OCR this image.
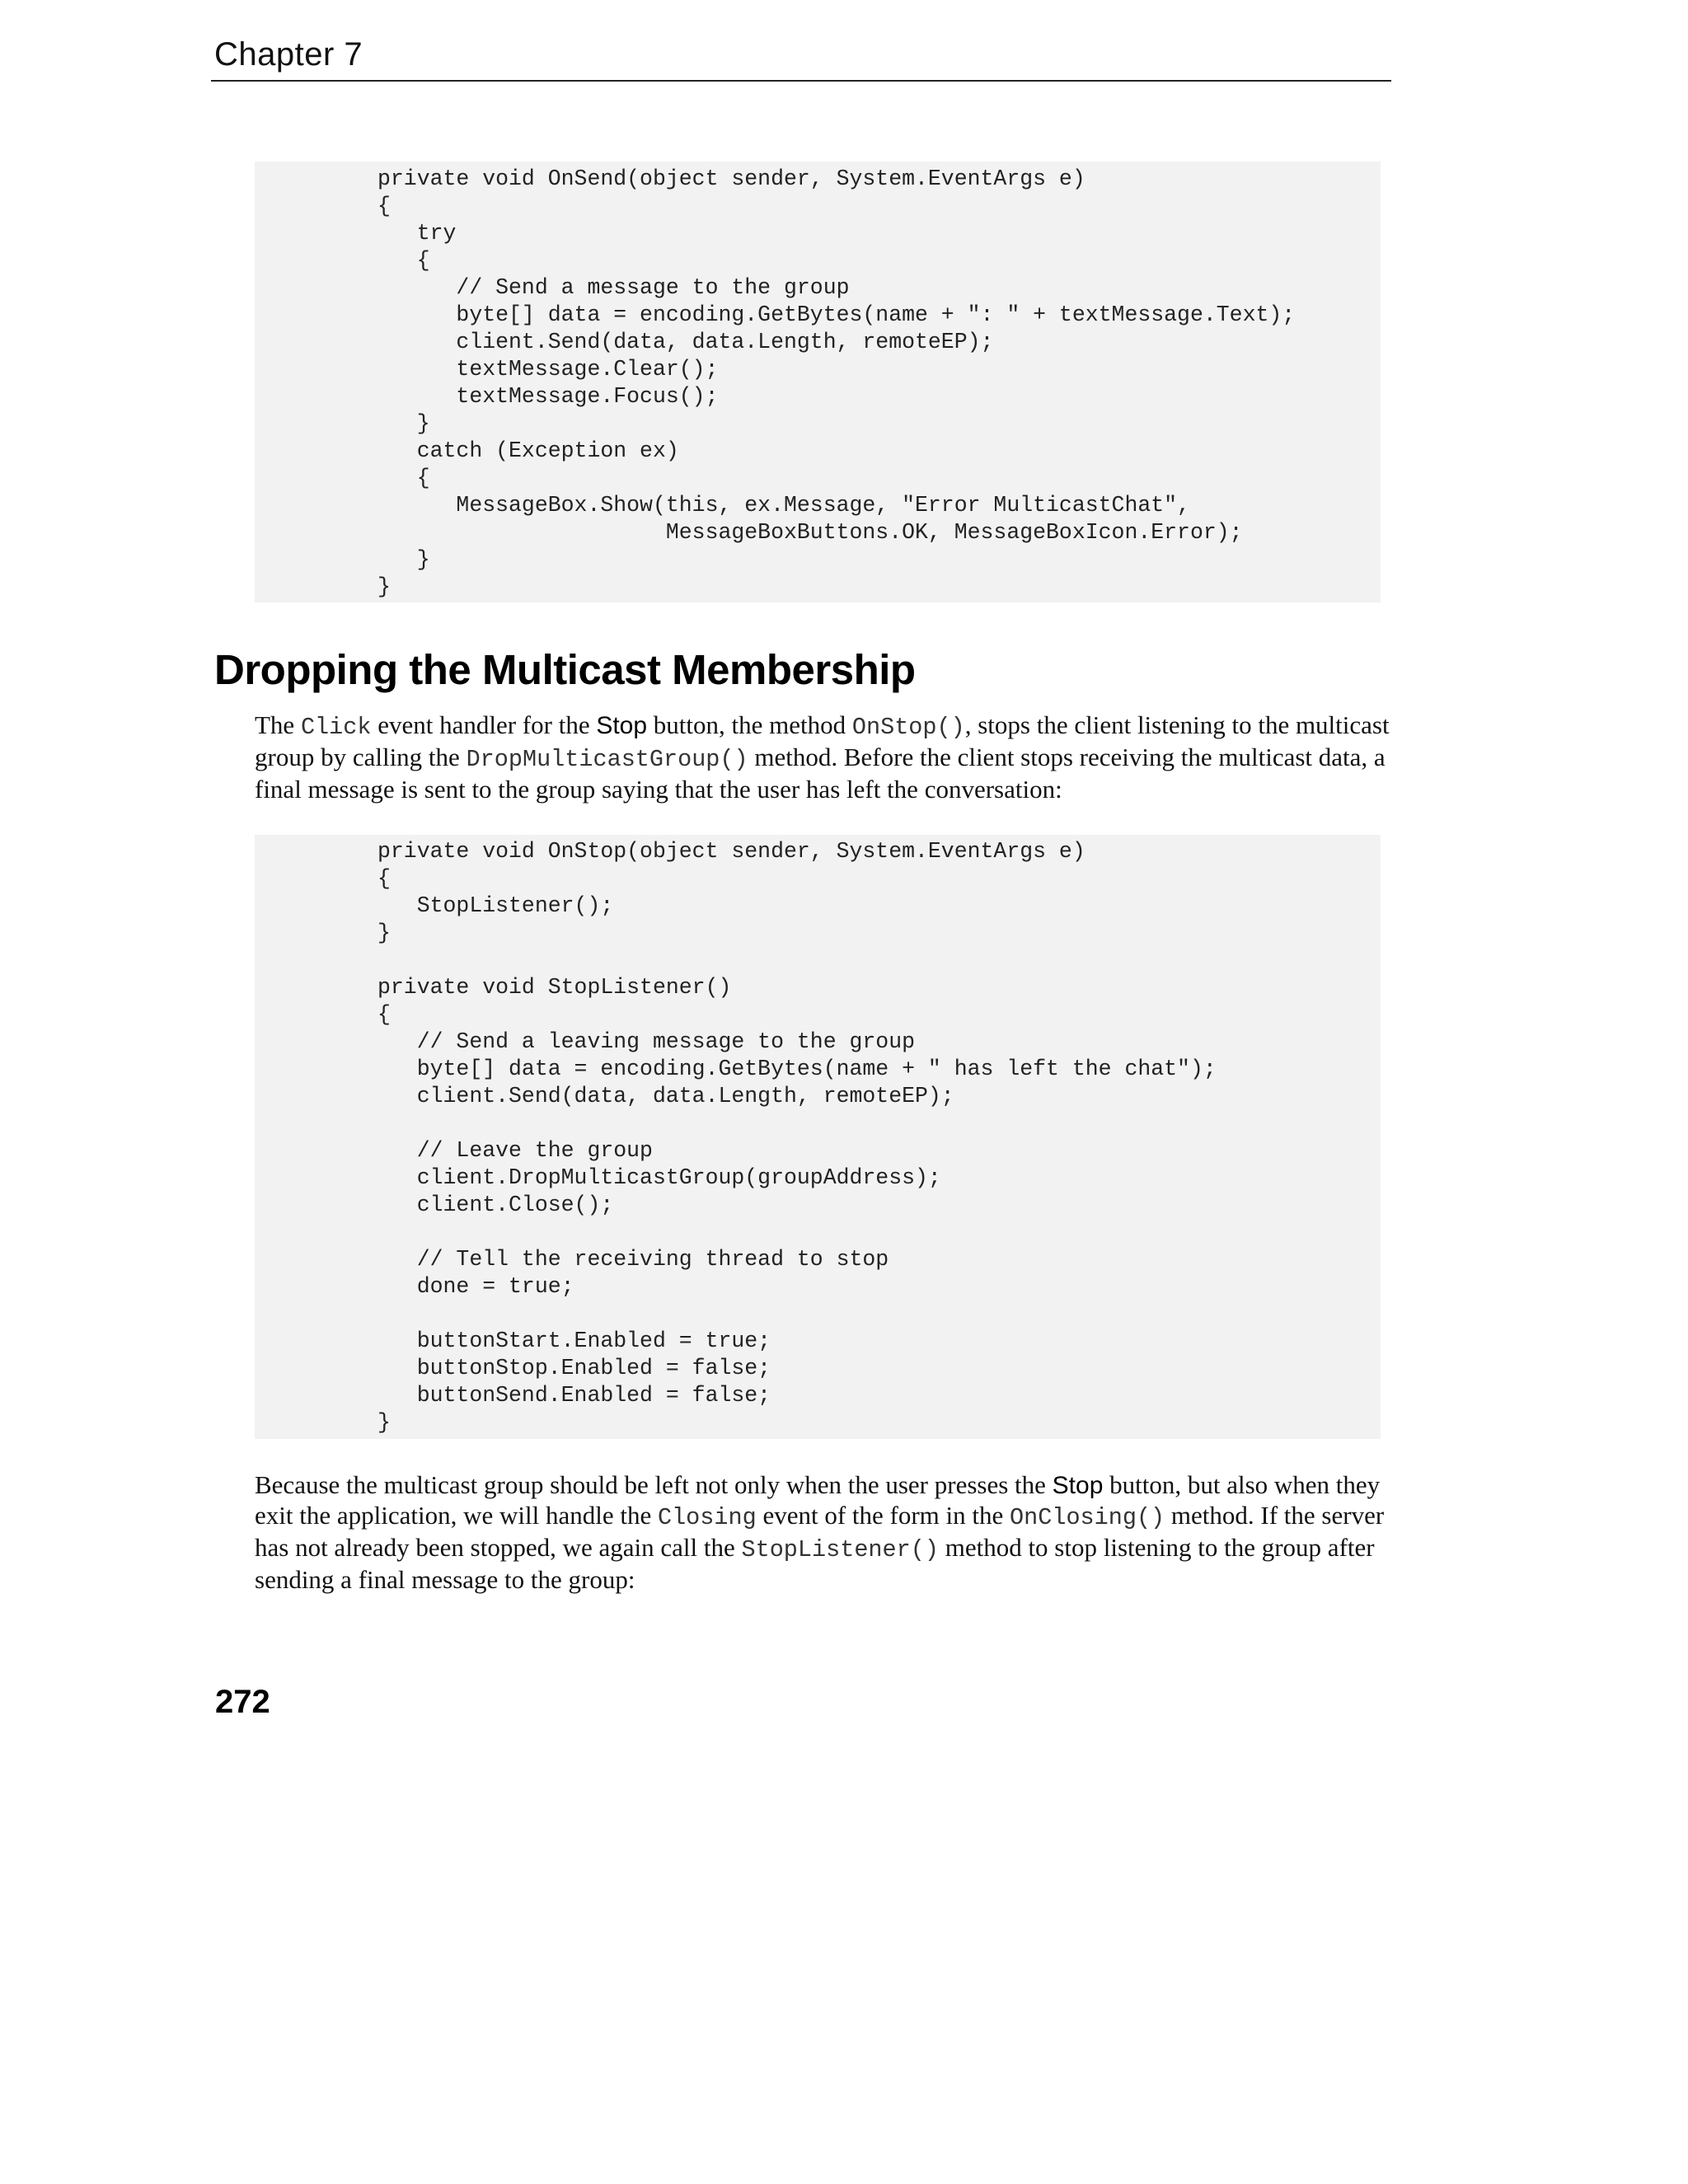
Chapter 7
private void OnSend(object sender, System.EventArgs e)
{
try
{
// Send a message to the group
byte[] data = encoding.GetBytes(name + ": " + textMessage.Text);
client.Send(data, data.Length, remoteEP);
textMessage.Clear();
textMessage.Focus();
}
catch (Exception ex)
{
MessageBox.Show(this, ex.Message, "Error MulticastChat",
MessageBoxButtons.OK, MessageBoxIcon.Error);
}
}
Dropping the Multicast Membership

The Click event handler for the Stop button, the method OnStop(), stops the client listening to the multicast group by calling the DropMulticastGroup() method. Before the client stops receiving the multicast data, a final message is sent to the group saying that the user has left the conversation:

private void OnStop(object sender, System.EventArgs e)
{
StopListener();
}

private void StopListener()
{
// Send a leaving message to the group
byte[] data = encoding.GetBytes(name + " has left the chat");
client.Send(data, data.Length, remoteEP);

// Leave the group
client.DropMulticastGroup(groupAddress);
client.Close();

// Tell the receiving thread to stop
done = true;

buttonStart.Enabled = true;
buttonStop.Enabled = false;
buttonSend.Enabled = false;
}

Because the multicast group should be left not only when the user presses the Stop button, but also when they exit the application, we will handle the Closing event of the form in the OnClosing() method. If the server has not already been stopped, we again call the StopListener() method to stop listening to the group after sending a final message to the group:

272
